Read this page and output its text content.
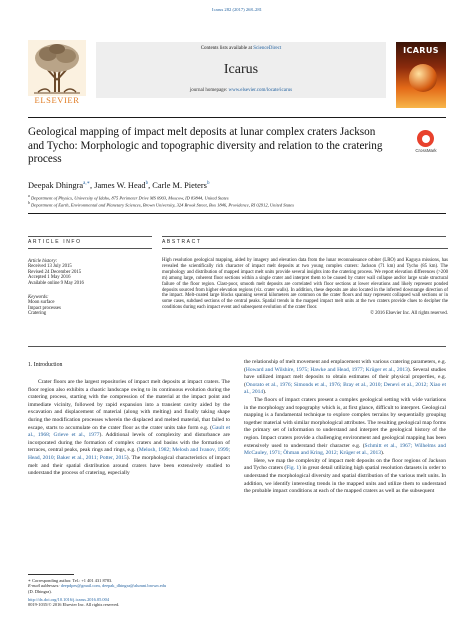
Icarus 282 (2017) 268–281
ELSEVIER
Contents lists available at ScienceDirect
Icarus
journal homepage: www.elsevier.com/locate/icarus
ICARUS
Geological mapping of impact melt deposits at lunar complex craters Jackson and Tycho: Morphologic and topographic diversity and relation to the cratering process
CrossMark
Deepak Dhingra$^{a,∗}$, James W. Head$^b$, Carle M. Pieters$^b$
$^a$ Department of Physics, University of Idaho, 875 Perimeter Drive MS 0903, Moscow, ID 83844, United States
$^b$ Department of Earth, Environmental and Planetary Sciences, Brown University, 324 Brook Street, Box 1846, Providence, RI 02912, United States
ARTICLE INFO
Article history:
Received 13 July 2015
Revised 24 December 2015
Accepted 1 May 2016
Available online 9 May 2016
Keywords:
Moon surface
Impact processes
Cratering
ABSTRACT

High resolution geological mapping, aided by imagery and elevation data from the lunar reconnaissance orbiter (LRO) and Kaguya missions, has revealed the scientifically rich character of impact melt deposits at two young complex craters: Jackson (71 km) and Tycho (85 km). The morphology and distribution of mapped impact melt units provide several insights into the cratering process. We report elevation differences (>200 m) among large, coherent floor sections within a single crater and interpret them to be caused by crater wall collapse and/or large scale structural failure of the floor region. Clast-poor, smooth melt deposits are correlated with floor sections at lower elevations and likely represent ponded deposits sourced from higher elevation regions (viz. crater walls). In addition, these deposits are also located in the inferred downrange direction of the impact. Melt-coated large blocks spanning several kilometers are common on the crater floors and may represent collapsed wall sections or in some cases, subdued sections of the central peaks. Spatial trends in the mapped impact melt units at the two craters provide clues to decipher the conditions during each impact event and subsequent evolution of the crater floor.

© 2016 Elsevier Inc. All rights reserved.

1. Introduction

Crater floors are the largest repositories of impact melt deposits at impact craters. The floor region also exhibits a chaotic landscape owing to its continuous evolution during the cratering process, starting with the compression of the material at the impact point and immediate vicinity, followed by rapid expansion into a transient cavity aided by the excavation and displacement of material (along with melting) and finally taking shape during the modification processes wherein the displaced and melted material, that failed to escape, starts to accumulate on the crater floor as the crater units take form e.g. (Gault et al., 1968; Grieve et al., 1977). Additional levels of complexity and disturbance are incorporated during the formation of complex craters and basins with the formation of terraces, central peaks, peak rings and rings, e.g. (Melosh, 1982; Melosh and Ivanov, 1999; Head, 2010; Baker et al., 2011; Potter, 2015). The morphological characteristics of impact melt and their spatial distribution around craters have been extensively studied to understand the process of cratering, especially

the relationship of melt movement and emplacement with various cratering parameters, e.g. (Howard and Wilshire, 1975; Hawke and Head, 1977; Krüger et al., 2013). Several studies have utilized impact melt deposits to obtain estimates of their physical properties, e.g. (Onorato et al., 1976; Simonds et al., 1976; Bray et al., 2010; Denevi et al., 2012; Xiao et al., 2014).

The floors of impact craters present a complex geological setting with wide variations in the morphology and topography which is, at first glance, difficult to interpret. Geological mapping is a fundamental technique to explore complex terrains by sequentially grouping together material with similar morphological attributes. The resulting geological map forms the primary set of information to understand and interpret the geological history of the region. Impact craters provide a challenging environment and geological mapping has been extensively used to understand their character e.g. (Schmitt et al., 1967; Wilhelms and McCauley, 1971; Öhman and Kring, 2012; Krüger et al., 2013).

Here, we map the complexity of impact melt deposits on the floor regions of Jackson and Tycho craters (Fig. 1) in great detail utilizing high spatial resolution datasets in order to understand the morphological diversity and spatial distribution of the various melt units. In addition, we identify interesting trends in the mapped units and utilize them to understand the probable impact conditions at each of the mapped craters as well as the subsequent

∗ Corresponding author. Tel.: +1 401 431 8783.
E-mail addresses: deepdpes@gmail.com, deepak_dhingra@alumni.brown.edu
(D. Dhingra).
http://dx.doi.org/10.1016/j.icarus.2016.05.004
0019-1035/© 2016 Elsevier Inc. All rights reserved.
